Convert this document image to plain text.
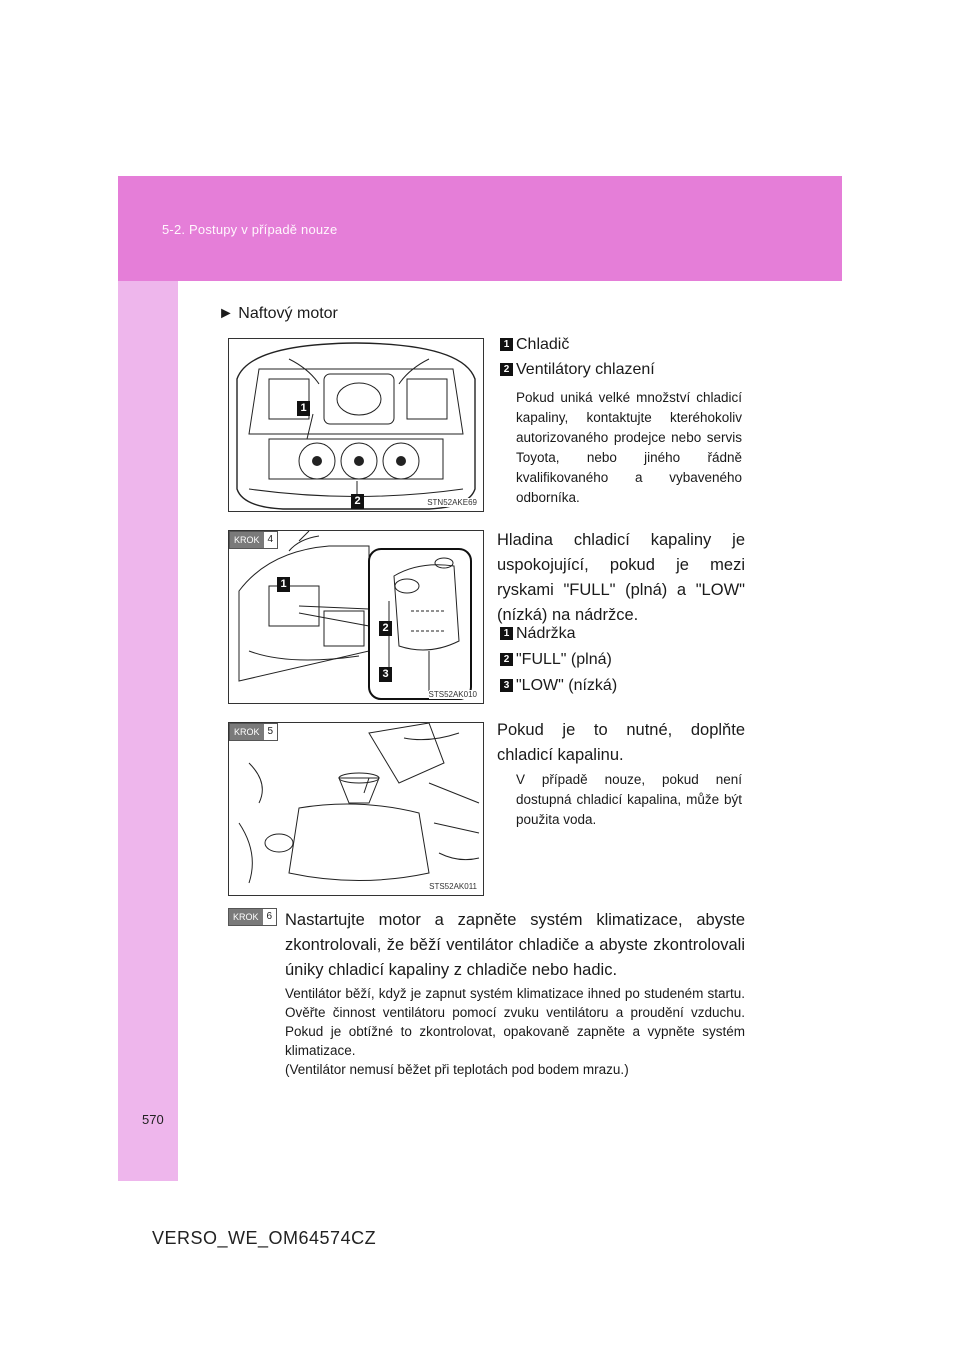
5-2. Postupy v případě nouze
► Naftový motor
1
2	STN52AKE69
1 Chladič
2 Ventilátory chlazení
Pokud uniká velké množství chladicí kapaliny, kontaktujte kteréhokoliv autorizovaného prodejce nebo servis Toyota, nebo jiného řádně kvalifikovaného a vybaveného odborníka.
KROK 4
1
2
3
STS52AK010
Hladina chladicí kapaliny je uspokojující, pokud je mezi ryskami "FULL" (plná) a "LOW" (nízká) na nádržce.
1 Nádržka
2 "FULL" (plná)
3 "LOW" (nízká)
KROK 5
STS52AK011
Pokud je to nutné, doplňte chladicí kapalinu.
V případě nouze, pokud není dostupná chladicí kapalina, může být použita voda.
KROK 6 Nastartujte motor a zapněte systém klimatizace, abyste zkontrolovali, že běží ventilátor chladiče a abyste zkontrolovali úniky chladicí kapaliny z chladiče nebo hadic.
Ventilátor běží, když je zapnut systém klimatizace ihned po studeném startu. Ověřte činnost ventilátoru pomocí zvuku ventilátoru a proudění vzduchu. Pokud je obtížné to zkontrolovat, opakovaně zapněte a vypněte systém klimatizace.
(Ventilátor nemusí běžet při teplotách pod bodem mrazu.)
570
VERSO_WE_OM64574CZ
